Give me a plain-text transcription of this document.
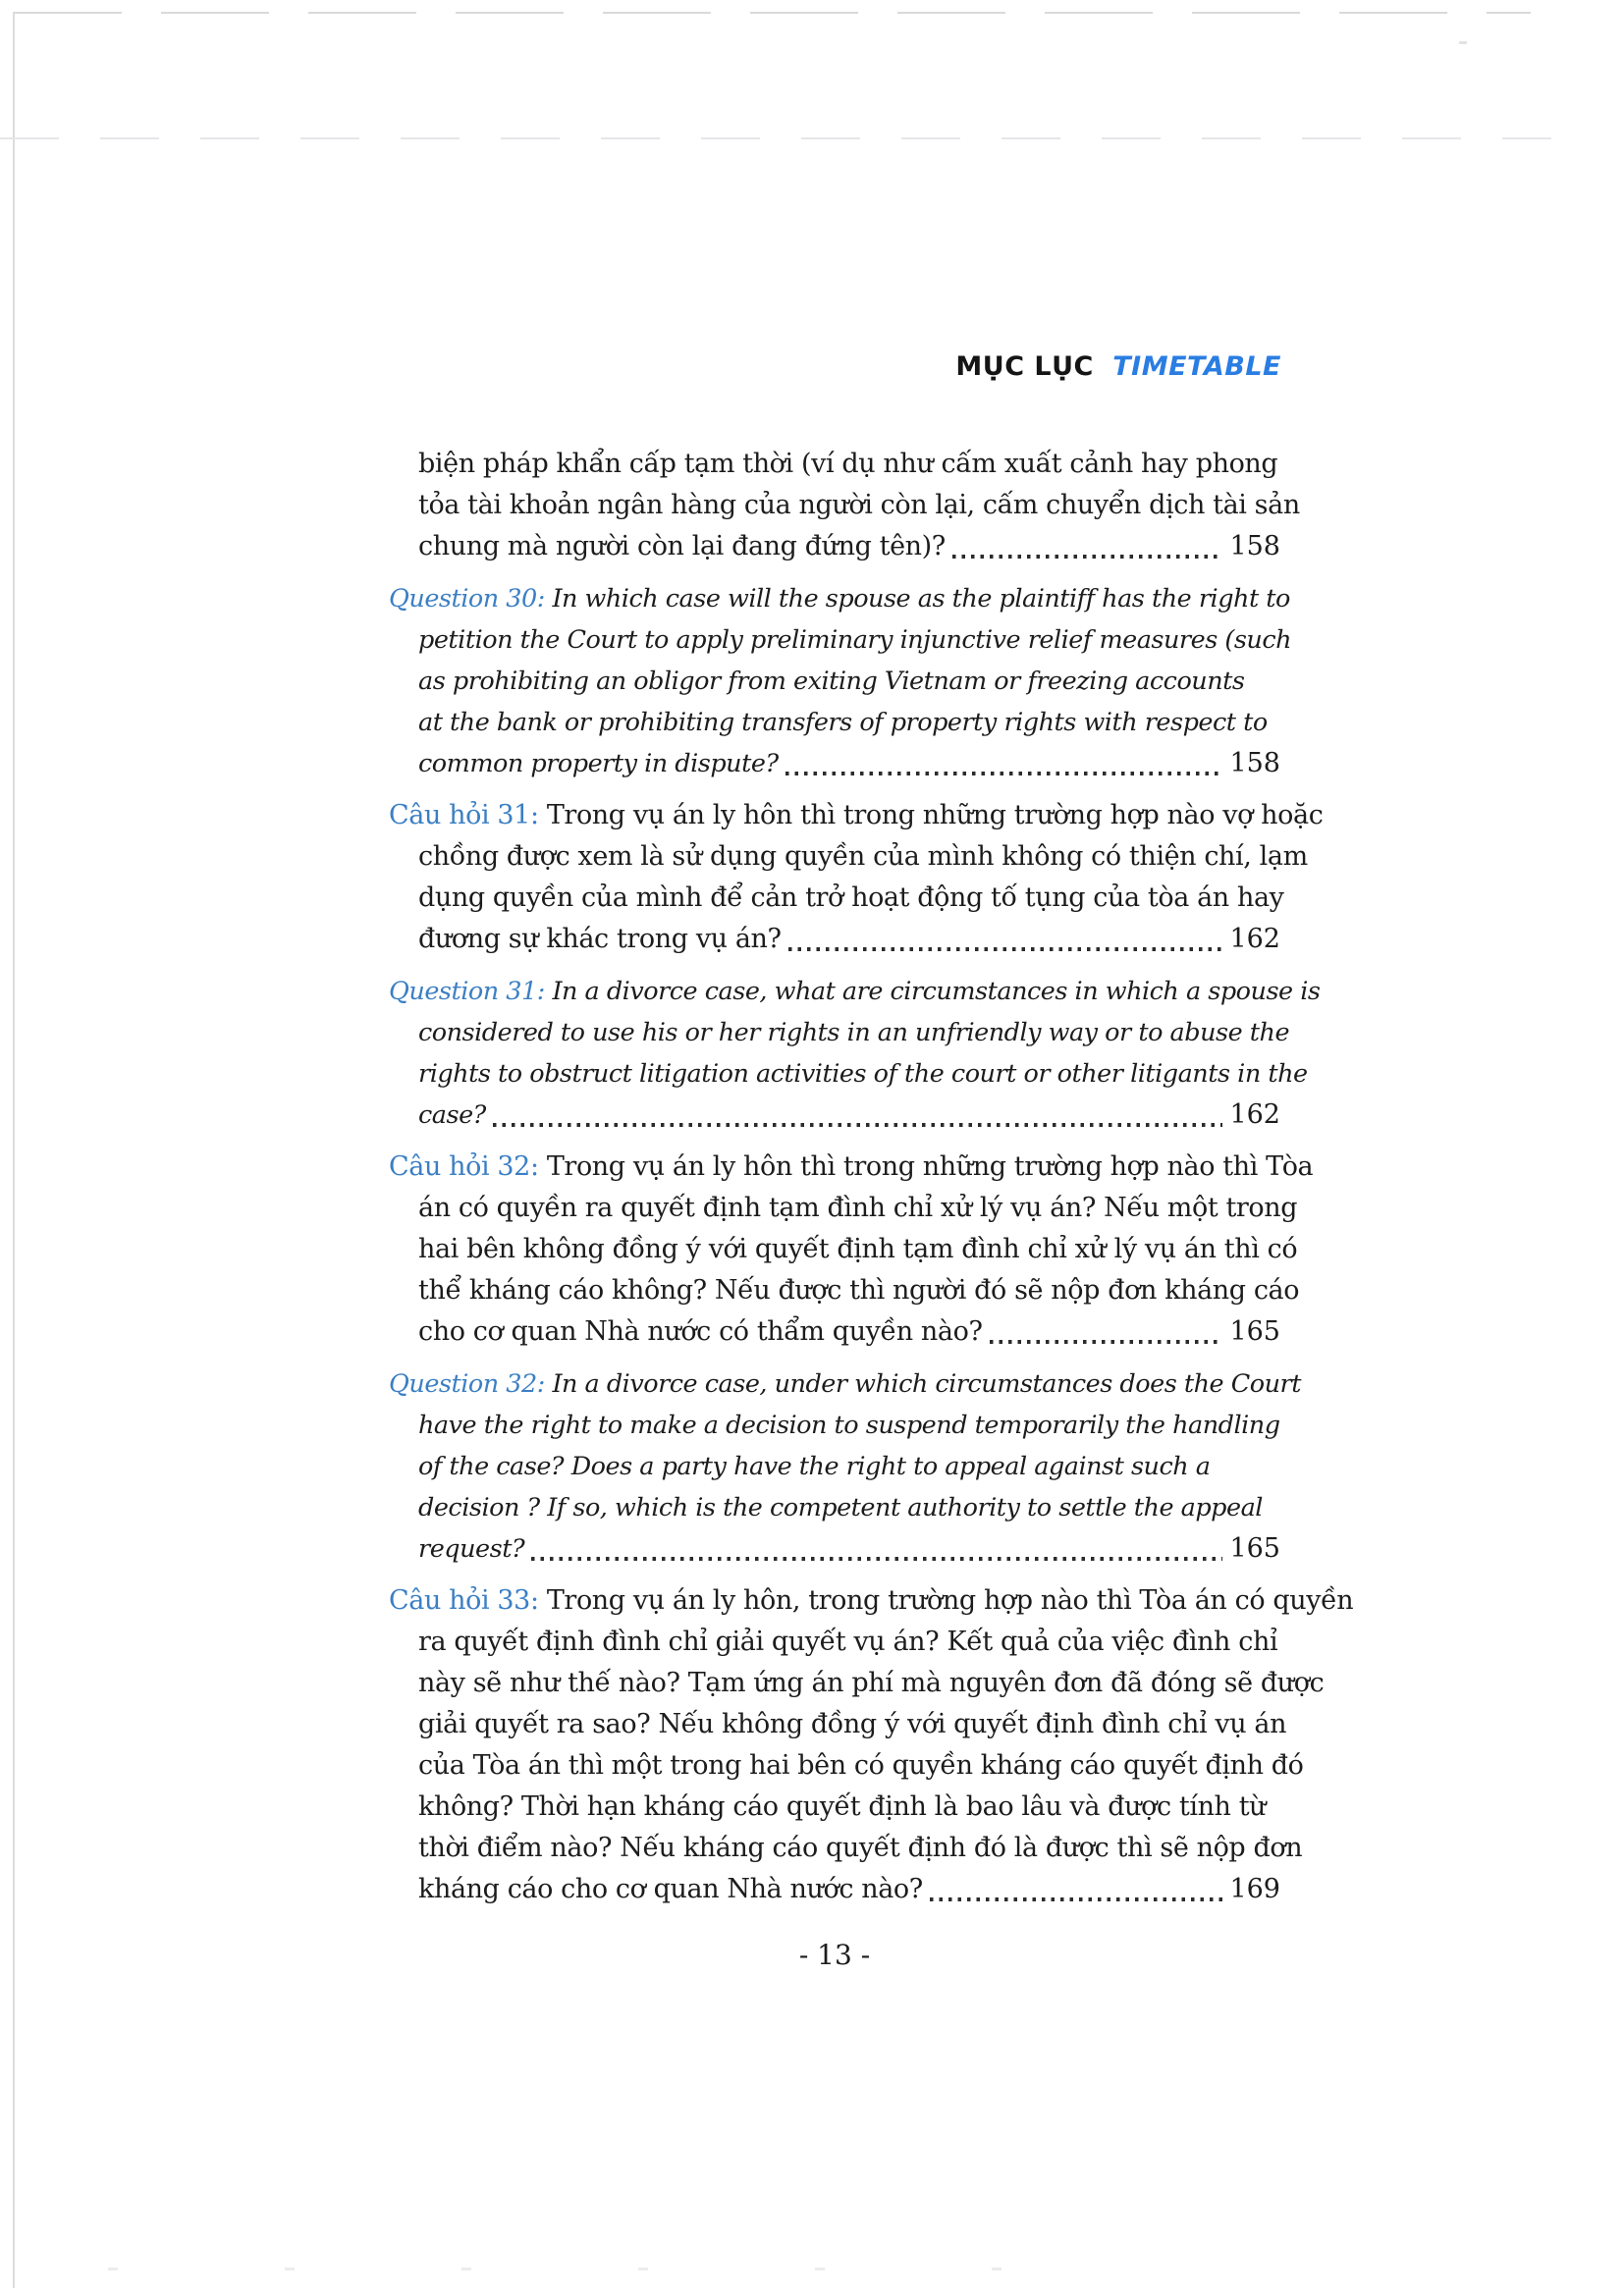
MỤC LỤC TIMETABLE
biện pháp khẩn cấp tạm thời (ví dụ như cấm xuất cảnh hay phong
tỏa tài khoản ngân hàng của người còn lại, cấm chuyển dịch tài sản
chung mà người còn lại đang đứng tên)?	158
Question 30: In which case will the spouse as the plaintiff has the right to
petition the Court to apply preliminary injunctive relief measures (such
as prohibiting an obligor from exiting Vietnam or freezing accounts
at the bank or prohibiting transfers of property rights with respect to
common property in dispute?	158
Câu hỏi 31: Trong vụ án ly hôn thì trong những trường hợp nào vợ hoặc
chồng được xem là sử dụng quyền của mình không có thiện chí, lạm
dụng quyền của mình để cản trở hoạt động tố tụng của tòa án hay
đương sự khác trong vụ án?	162
Question 31: In a divorce case, what are circumstances in which a spouse is
considered to use his or her rights in an unfriendly way or to abuse the
rights to obstruct litigation activities of the court or other litigants in the
case?	162
Câu hỏi 32: Trong vụ án ly hôn thì trong những trường hợp nào thì Tòa
án có quyền ra quyết định tạm đình chỉ xử lý vụ án? Nếu một trong
hai bên không đồng ý với quyết định tạm đình chỉ xử lý vụ án thì có
thể kháng cáo không? Nếu được thì người đó sẽ nộp đơn kháng cáo
cho cơ quan Nhà nước có thẩm quyền nào?	165
Question 32: In a divorce case, under which circumstances does the Court
have the right to make a decision to suspend temporarily the handling
of the case? Does a party have the right to appeal against such a
decision ? If so, which is the competent authority to settle the appeal
request?	165
Câu hỏi 33: Trong vụ án ly hôn, trong trường hợp nào thì Tòa án có quyền
ra quyết định đình chỉ giải quyết vụ án? Kết quả của việc đình chỉ
này sẽ như thế nào? Tạm ứng án phí mà nguyên đơn đã đóng sẽ được
giải quyết ra sao? Nếu không đồng ý với quyết định đình chỉ vụ án
của Tòa án thì một trong hai bên có quyền kháng cáo quyết định đó
không? Thời hạn kháng cáo quyết định là bao lâu và được tính từ
thời điểm nào? Nếu kháng cáo quyết định đó là được thì sẽ nộp đơn
kháng cáo cho cơ quan Nhà nước nào?	169
- 13 -
